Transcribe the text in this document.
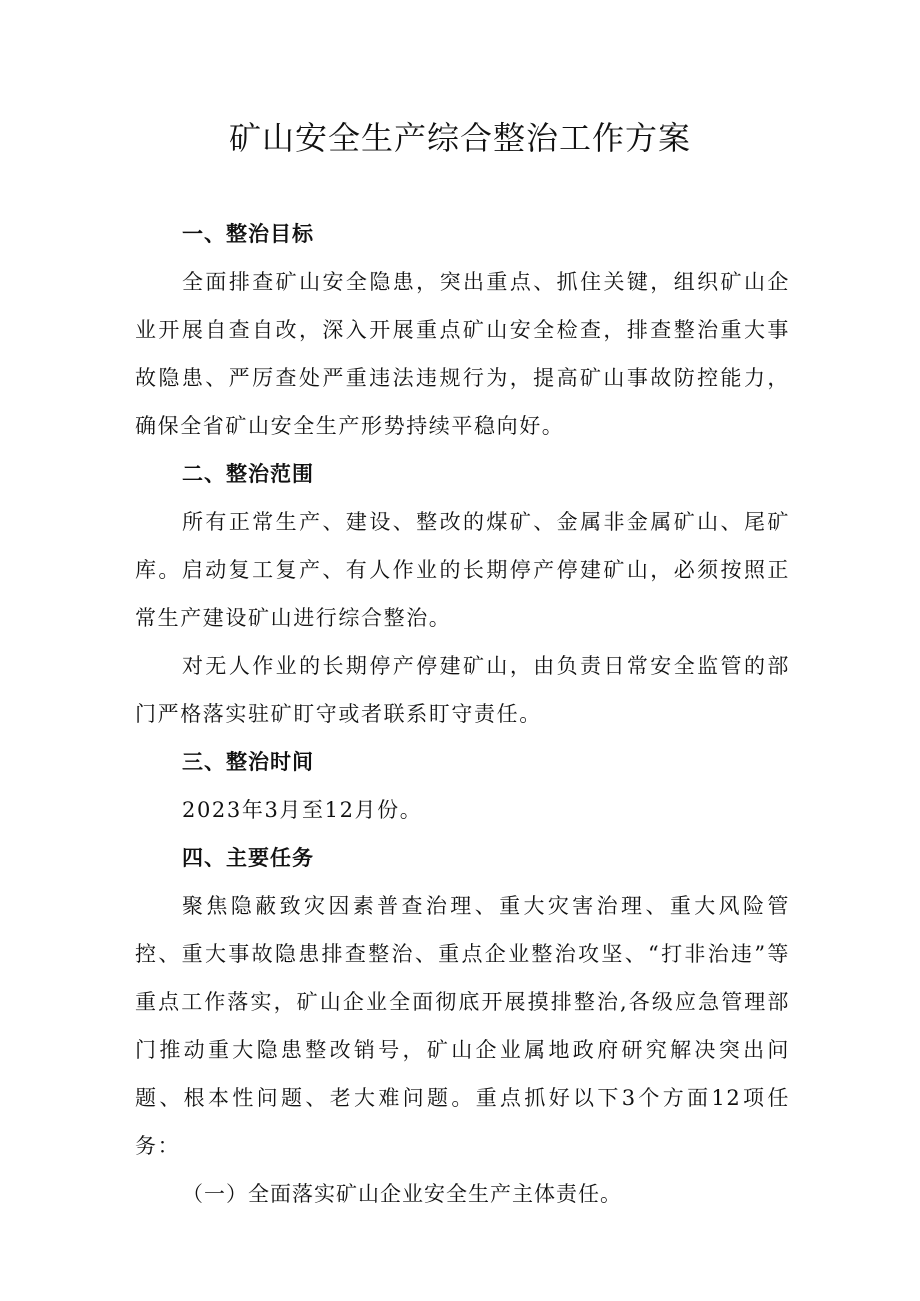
矿山安全生产综合整治工作方案
一、整治目标

全面排查矿山安全隐患，突出重点、抓住关键，组织矿山企业开展自查自改，深入开展重点矿山安全检查，排查整治重大事故隐患、严厉查处严重违法违规行为，提高矿山事故防控能力，确保全省矿山安全生产形势持续平稳向好。

二、整治范围

所有正常生产、建设、整改的煤矿、金属非金属矿山、尾矿库。启动复工复产、有人作业的长期停产停建矿山，必须按照正常生产建设矿山进行综合整治。

对无人作业的长期停产停建矿山，由负责日常安全监管的部门严格落实驻矿盯守或者联系盯守责任。

三、整治时间

2023年3月至12月份。

四、主要任务

聚焦隐蔽致灾因素普查治理、重大灾害治理、重大风险管控、重大事故隐患排查整治、重点企业整治攻坚、“打非治违”等重点工作落实，矿山企业全面彻底开展摸排整治,各级应急管理部门推动重大隐患整改销号，矿山企业属地政府研究解决突出问题、根本性问题、老大难问题。重点抓好以下3个方面12项任务：

（一）全面落实矿山企业安全生产主体责任。
